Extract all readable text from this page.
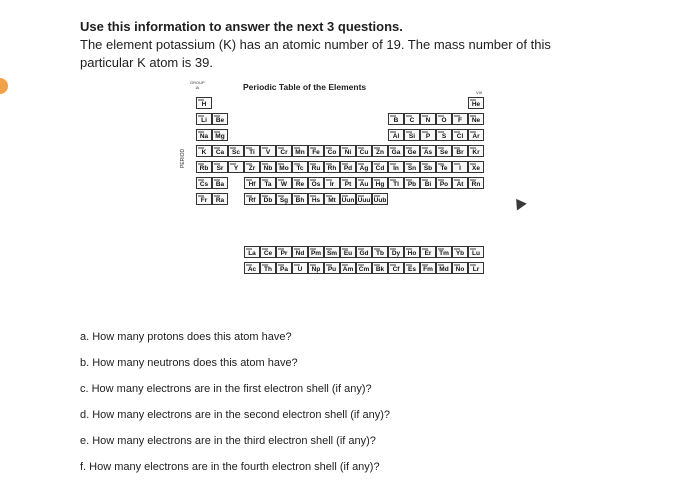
Use this information to answer the next 3 questions.
The element potassium (K) has an atomic number of 19. The mass number of this particular K atom is 39.
GROUP
IA
VIII
Periodic Table of the Elements
PERIOD
H	He
Li	Be	B	C	N	O	F	Ne
Na	Mg	Al	Si	P	S	Cl	Ar
K	Ca	Sc	Ti	V	Cr	Mn	Fe	Co	Ni	Cu	Zn	Ga	Ge	As	Se	Br	Kr
Rb	Sr	Y	Zr	Nb	Mo	Tc	Ru	Rh	Pd	Ag	Cd	In	Sn	Sb	Te	I	Xe
Cs	Ba	Hf	Ta	W	Re	Os	Ir	Pt	Au	Hg	Tl	Pb	Bi	Po	At	Rn
Fr	Ra	Rf	Db	Sg	Bh	Hs	Mt Uun Uuu Uub
La	Ce	Pr	Nd	Pm Sm	Eu	Gd	Tb	Dy	Ho	Er	Tm	Yb	Lu
Ac	Th	Pa	U	Np	Pu	Am Cm	Bk	Cf	Es	Fm Md	No	Lr
a. How many protons does this atom have?
b. How many neutrons does this atom have?
c. How many electrons are in the first electron shell (if any)?
d. How many electrons are in the second electron shell (if any)?
e. How many electrons are in the third electron shell (if any)?
f. How many electrons are in the fourth electron shell (if any)?
